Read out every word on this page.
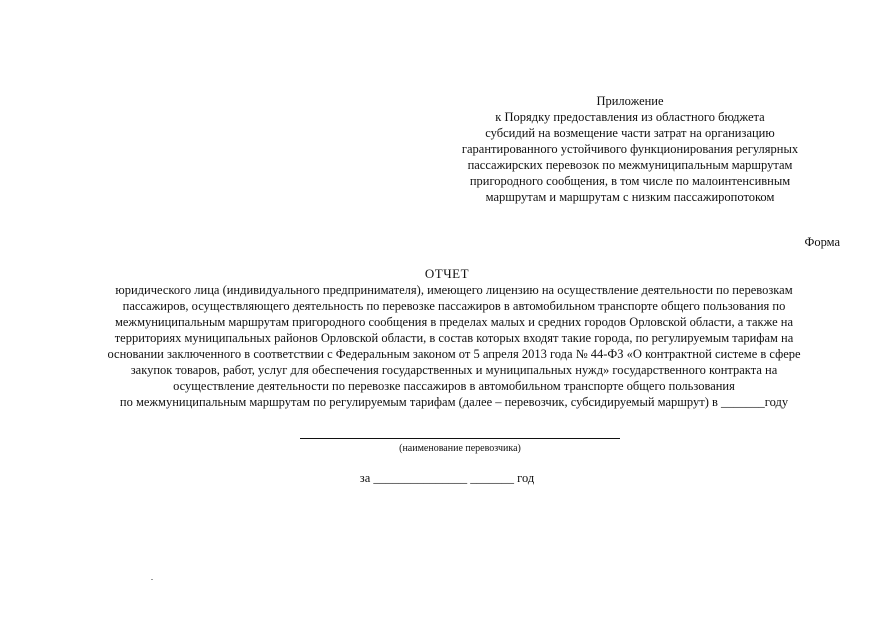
Приложение
к Порядку предоставления из областного бюджета
субсидий на возмещение части затрат на организацию
гарантированного устойчивого функционирования регулярных
пассажирских перевозок по межмуниципальным маршрутам
пригородного сообщения, в том числе по малоинтенсивным
маршрутам и маршрутам с низким пассажиропотоком
Форма
ОТЧЕТ
юридического лица (индивидуального предпринимателя), имеющего лицензию на осуществление деятельности по перевозкам
пассажиров, осуществляющего деятельность по перевозке пассажиров в автомобильном транспорте общего пользования по
межмуниципальным маршрутам пригородного сообщения в пределах малых и средних городов Орловской области, а также на
территориях муниципальных районов Орловской области, в состав которых входят такие города, по регулируемым тарифам на
основании заключенного в соответствии с Федеральным законом от 5 апреля 2013 года № 44-ФЗ «О контрактной системе в сфере
закупок товаров, работ, услуг для обеспечения государственных и муниципальных нужд» государственного контракта на
осуществление деятельности по перевозке пассажиров в автомобильном транспорте общего пользования
по межмуниципальным маршрутам по регулируемым тарифам (далее – перевозчик, субсидируемый маршрут) в _______году
(наименование перевозчика)
за _______________ _______ год
